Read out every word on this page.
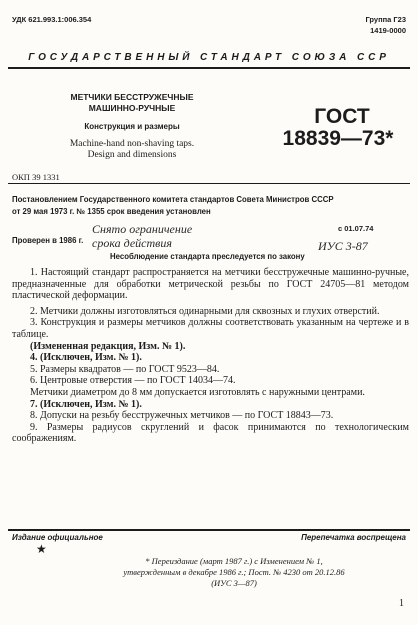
УДК 621.993.1:006.354	Группа Г23
1419-0000
ГОСУДАРСТВЕННЫЙ СТАНДАРТ СОЮЗА ССР
МЕТЧИКИ БЕССТРУЖЕЧНЫЕ
МАШИННО-РУЧНЫЕ
Конструкция и размеры
Machine-hand non-shaving taps.
Design and dimensions
ГОСТ
18839—73*
ОКП 39 1331
Постановлением Государственного комитета стандартов Совета Министров СССР
от 29 мая 1973 г. № 1355 срок введения установлен
с 01.07.74
Проверен в 1986 г.
Снято ограничение
срока действия	ИУС 3-87
Несоблюдение стандарта преследуется по закону

1. Настоящий стандарт распространяется на метчики бесстружечные машинно-ручные, предназначенные для обработки метрической резьбы по ГОСТ 24705—81 методом пластической деформации.

2. Метчики должны изготовляться одинарными для сквозных и глухих отверстий.

3. Конструкция и размеры метчиков должны соответствовать указанным на чертеже и в таблице.

(Измененная редакция, Изм. № 1).

4. (Исключен, Изм. № 1).

5. Размеры квадратов — по ГОСТ 9523—84.

6. Центровые отверстия — по ГОСТ 14034—74.

Метчики диаметром до 8 мм допускается изготовлять с наружными центрами.

7. (Исключен, Изм. № 1).

8. Допуски на резьбу бесстружечных метчиков — по ГОСТ 18843—73.

9. Размеры радиусов скруглений и фасок принимаются по технологическим соображениям.

Издание официальное	Перепечатка воспрещена
★
* Переиздание (март 1987 г.) с Изменением № 1,
утвержденным в декабре 1986 г.; Пост. № 4230 от 20.12.86
(ИУС 3—87)
1
